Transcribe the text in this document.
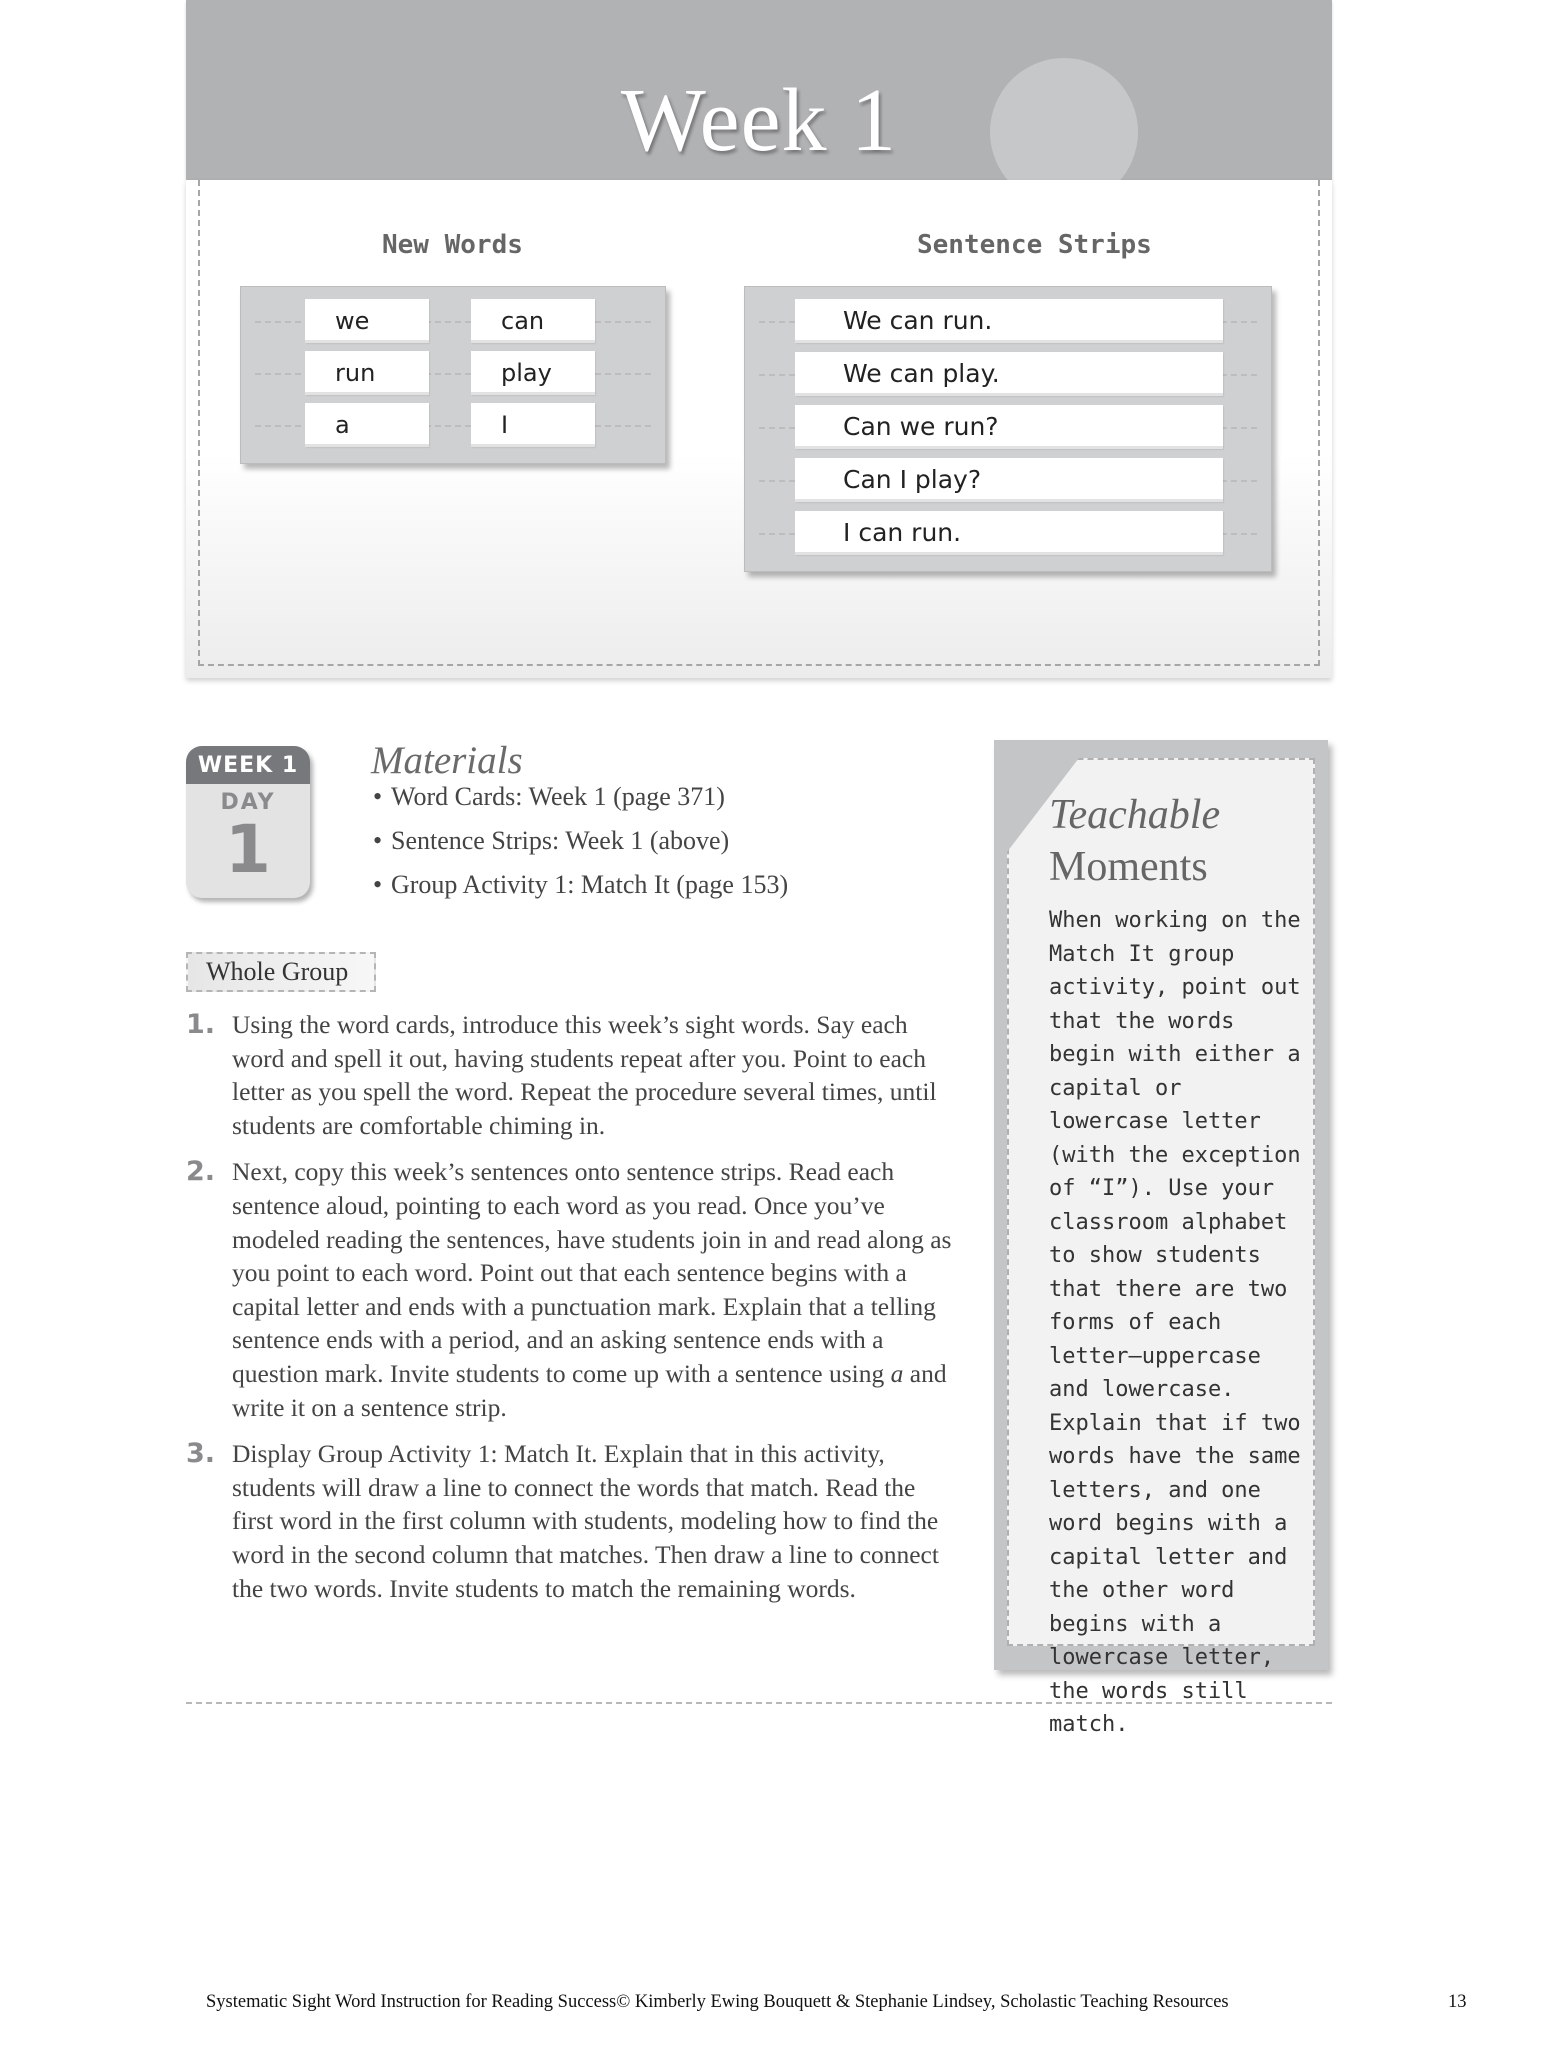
Week 1
New Words	Sentence Strips
we	can
run	play
a	I
We can run.
We can play.
Can we run?
Can I play?
I can run.
WEEK 1
DAY
1
Materials
• Word Cards: Week 1 (page 371)
• Sentence Strips: Week 1 (above)
• Group Activity 1: Match It (page 153)
Whole Group
1. Using the word cards, introduce this week’s sight words. Say each word and spell it out, having students repeat after you. Point to each letter as you spell the word. Repeat the procedure several times, until students are comfortable chiming in.
2. Next, copy this week’s sentences onto sentence strips. Read each sentence aloud, pointing to each word as you read. Once you’ve modeled reading the sentences, have students join in and read along as you point to each word. Point out that each sentence begins with a capital letter and ends with a punctuation mark. Explain that a telling sentence ends with a period, and an asking sentence ends with a question mark. Invite students to come up with a sentence using a and write it on a sentence strip.
3. Display Group Activity 1: Match It. Explain that in this activity, students will draw a line to connect the words that match. Read the first word in the first column with students, modeling how to find the word in the second column that matches. Then draw a line to connect the two words. Invite students to match the remaining words.
Teachable
Moments
When working on the Match It group activity, point out that the words begin with either a capital or lowercase letter (with the exception of “I”). Use your classroom alphabet to show students that there are two forms of each letter—uppercase and lowercase. Explain that if two words have the same letters, and one word begins with a capital letter and the other word begins with a lowercase letter, the words still match.
Systematic Sight Word Instruction for Reading Success© Kimberly Ewing Bouquett & Stephanie Lindsey, Scholastic Teaching Resources	13
